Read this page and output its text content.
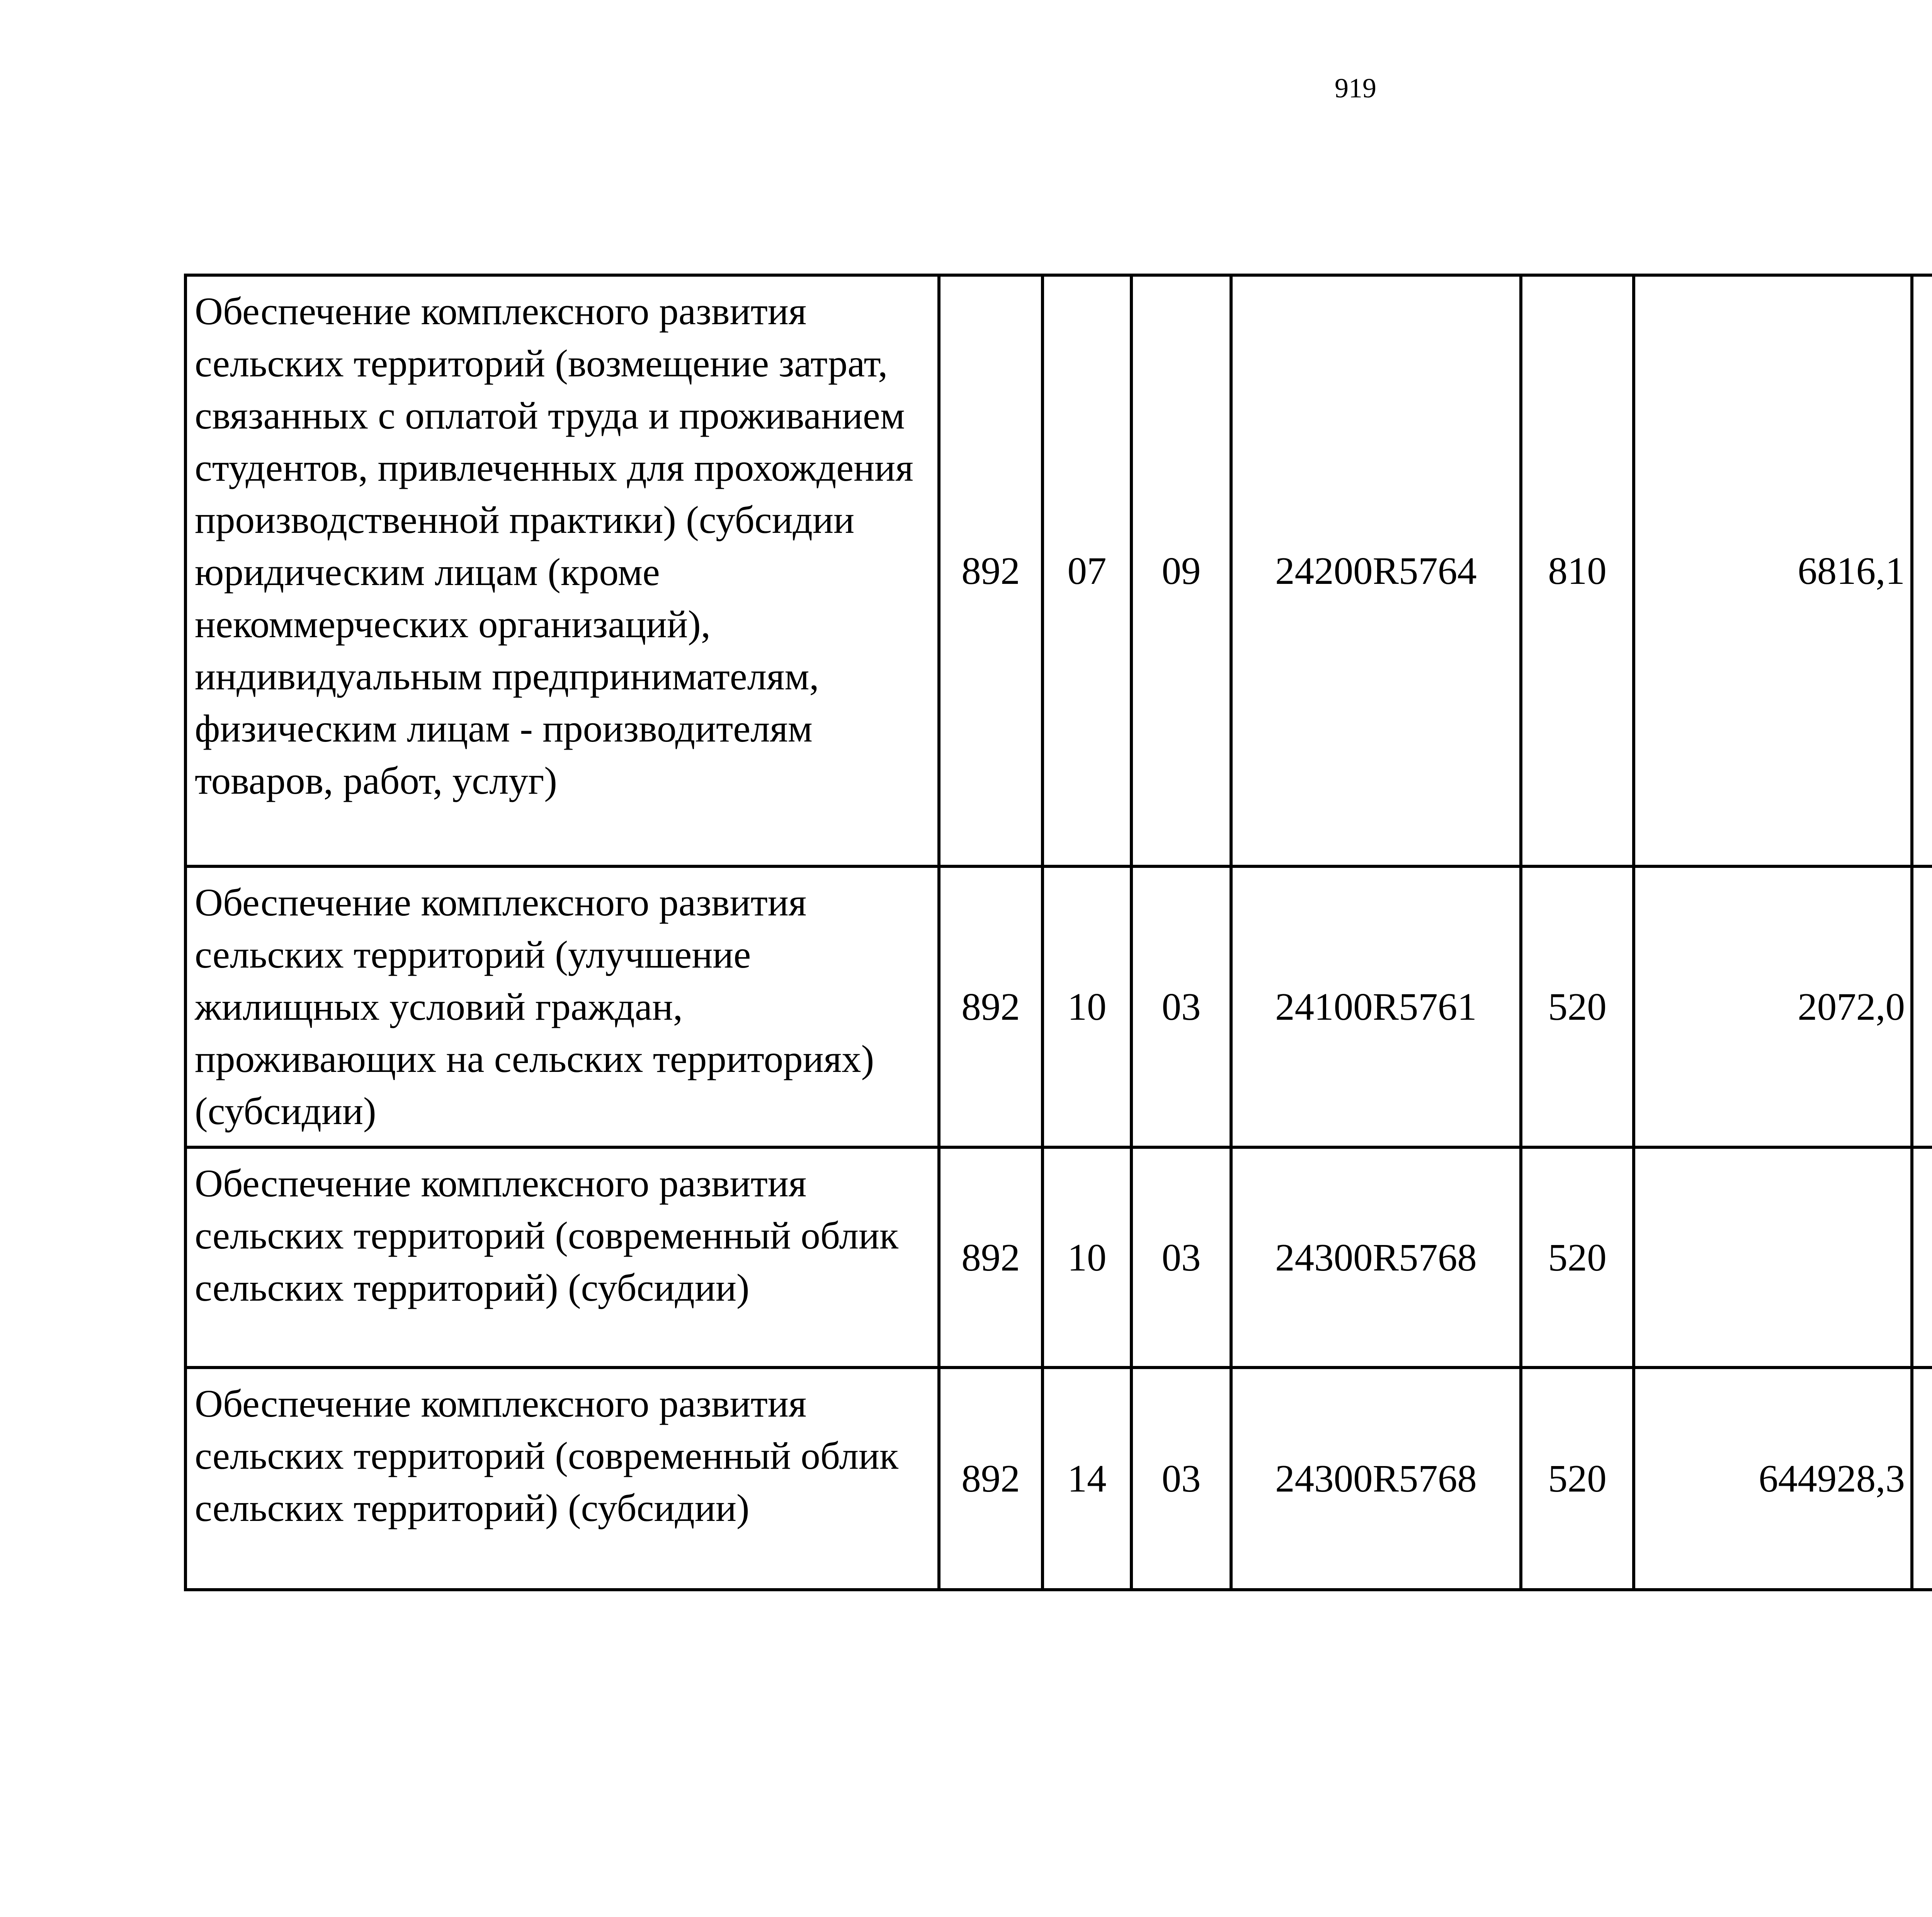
919
Обеспечение комплексного развития сельских территорий (возмещение затрат, связанных с оплатой труда и проживанием студентов, привлеченных для прохождения производственной практики) (субсидии юридическим лицам (кроме некоммерческих организаций), индивидуальным предпринимателям, физическим лицам - производителям товаров, работ, услуг)	892	07	09	24200R5764	810	6816,1		
Обеспечение комплексного развития сельских территорий (улучшение жилищных условий граждан, проживающих на сельских территориях) (субсидии)	892	10	03	24100R5761	520	2072,0		
Обеспечение комплексного развития сельских территорий (современный облик сельских территорий) (субсидии)	892	10	03	24300R5768	520			
Обеспечение комплексного развития сельских территорий (современный облик сельских территорий) (субсидии)	892	14	03	24300R5768	520	644928,3		
